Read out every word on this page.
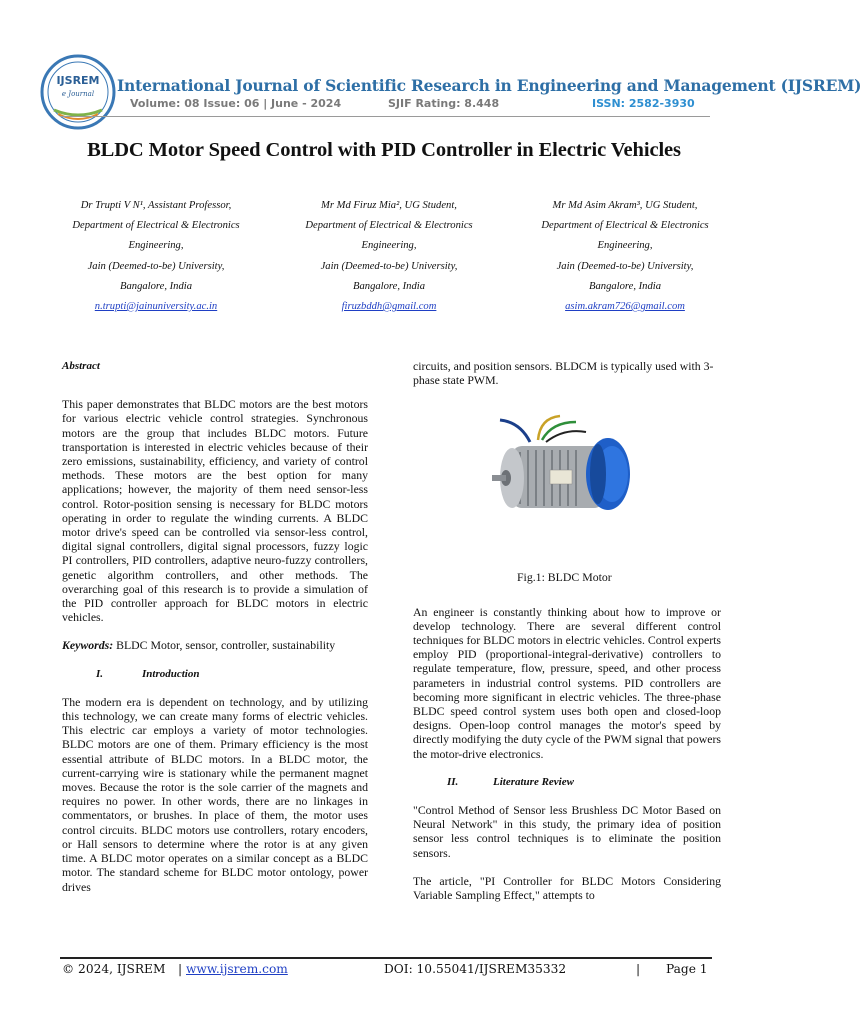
IJSREM
e Journal International Journal of Scientific Research in Engineering and Management (IJSREM)
Volume: 08 Issue: 06 | June - 2024	SJIF Rating: 8.448	ISSN: 2582-3930
BLDC Motor Speed Control with PID Controller in Electric Vehicles
Dr Trupti V N¹, Assistant Professor,
Department of Electrical & Electronics
Engineering,
Jain (Deemed-to-be) University,
Bangalore, India
n.trupti@jainuniversity.ac.in
Mr Md Firuz Mia², UG Student,
Department of Electrical & Electronics
Engineering,
Jain (Deemed-to-be) University,
Bangalore, India
firuzbddh@gmail.com
Mr Md Asim Akram³, UG Student,
Department of Electrical & Electronics
Engineering,
Jain (Deemed-to-be) University,
Bangalore, India
asim.akram726@gmail.com

Abstract

This paper demonstrates that BLDC motors are the best motors for various electric vehicle control strategies. Synchronous motors are the group that includes BLDC motors. Future transportation is interested in electric vehicles because of their zero emissions, sustainability, efficiency, and variety of control methods. These motors are the best option for many applications; however, the majority of them need sensor-less control. Rotor-position sensing is necessary for BLDC motors operating in order to regulate the winding currents. A BLDC motor drive's speed can be controlled via sensor-less control, digital signal controllers, digital signal processors, fuzzy logic PI controllers, PID controllers, adaptive neuro-fuzzy controllers, genetic algorithm controllers, and other methods. The overarching goal of this research is to provide a simulation of the PID controller approach for BLDC motors in electric vehicles.

Keywords: BLDC Motor, sensor, controller, sustainability

I.	Introduction

The modern era is dependent on technology, and by utilizing this technology, we can create many forms of electric vehicles. This electric car employs a variety of motor technologies. BLDC motors are one of them. Primary efficiency is the most essential attribute of BLDC motors. In a BLDC motor, the current-carrying wire is stationary while the permanent magnet moves. Because the rotor is the sole carrier of the magnets and requires no power. In other words, there are no linkages in commentators, or brushes. In place of them, the motor uses control circuits. BLDC motors use controllers, rotary encoders, or Hall sensors to determine where the rotor is at any given time. A BLDC motor operates on a similar concept as a BLDC motor. The standard scheme for BLDC motor ontology, power drives

circuits, and position sensors. BLDCM is typically used with 3-phase state PWM.

Fig.1: BLDC Motor

An engineer is constantly thinking about how to improve or develop technology. There are several different control techniques for BLDC motors in electric vehicles. Control experts employ PID (proportional-integral-derivative) controllers to regulate temperature, flow, pressure, speed, and other process parameters in industrial control systems. PID controllers are becoming more significant in electric vehicles. The three-phase BLDC speed control system uses both open and closed-loop designs. Open-loop control manages the motor's speed by directly modifying the duty cycle of the PWM signal that powers the motor-drive electronics.

II.	Literature Review

"Control Method of Sensor less Brushless DC Motor Based on Neural Network" in this study, the primary idea of position sensor less control techniques is to eliminate the position sensors.

The article, "PI Controller for BLDC Motors Considering Variable Sampling Effect," attempts to

© 2024, IJSREM | www.ijsrem.com	DOI: 10.55041/IJSREM35332	| Page 1
